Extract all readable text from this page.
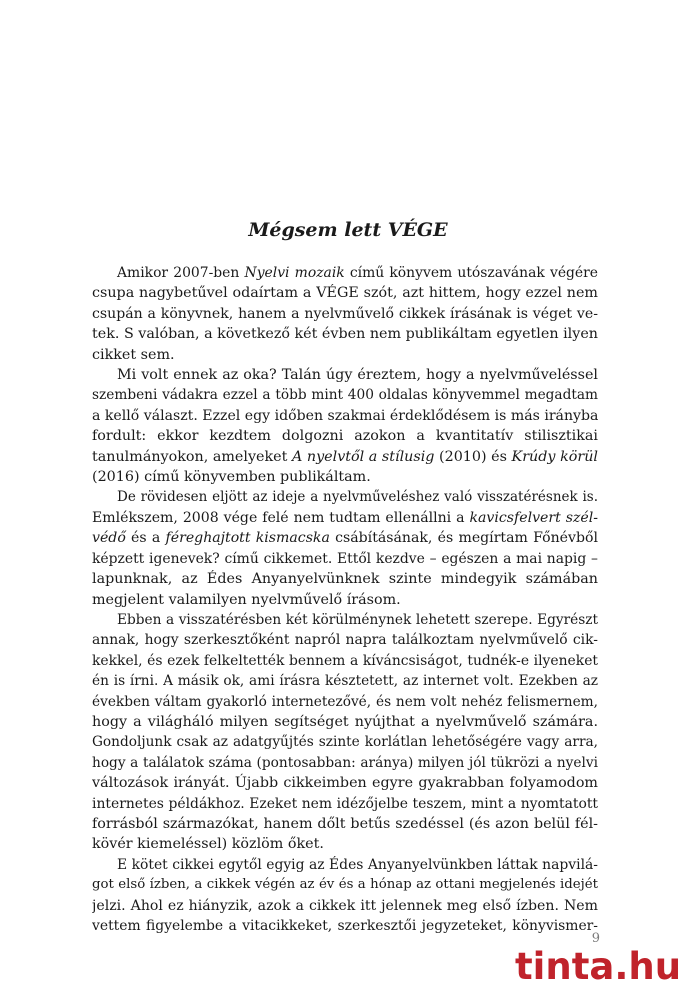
Mégsem lett VÉGE

Amikor 2007-ben Nyelvi mozaik című könyvem utószavának végére
csupa nagybetűvel odaírtam a VÉGE szót, azt hittem, hogy ezzel nem
csupán a könyvnek, hanem a nyelvművelő cikkek írásának is véget ve-
tek. S valóban, a következő két évben nem publikáltam egyetlen ilyen
cikket sem.

Mi volt ennek az oka? Talán úgy éreztem, hogy a nyelvműveléssel
szembeni vádakra ezzel a több mint 400 oldalas könyvemmel megadtam
a kellő választ. Ezzel egy időben szakmai érdeklődésem is más irányba
fordult: ekkor kezdtem dolgozni azokon a kvantitatív stilisztikai
tanulmányokon, amelyeket A nyelvtől a stílusig (2010) és Krúdy körül
(2016) című könyvemben publikáltam.

De rövidesen eljött az ideje a nyelvműveléshez való visszatérésnek is.
Emlékszem, 2008 vége felé nem tudtam ellenállni a kavicsfelvert szél-
védő és a féreghajtott kismacska csábításának, és megírtam Főnévből
képzett igenevek? című cikkemet. Ettől kezdve – egészen a mai napig –
lapunknak, az Édes Anyanyelvünknek szinte mindegyik számában
megjelent valamilyen nyelvművelő írásom.

Ebben a visszatérésben két körülménynek lehetett szerepe. Egyrészt
annak, hogy szerkesztőként napról napra találkoztam nyelvművelő cik-
kekkel, és ezek felkeltették bennem a kíváncsiságot, tudnék-e ilyeneket
én is írni. A másik ok, ami írásra késztetett, az internet volt. Ezekben az
években váltam gyakorló internetezővé, és nem volt nehéz felismernem,
hogy a világháló milyen segítséget nyújthat a nyelvművelő számára.
Gondoljunk csak az adatgyűjtés szinte korlátlan lehetőségére vagy arra,
hogy a találatok száma (pontosabban: aránya) milyen jól tükrözi a nyelvi
változások irányát. Újabb cikkeimben egyre gyakrabban folyamodom
internetes példákhoz. Ezeket nem idézőjelbe teszem, mint a nyomtatott
forrásból származókat, hanem dőlt betűs szedéssel (és azon belül fél-
kövér kiemeléssel) közlöm őket.

E kötet cikkei egytől egyig az Édes Anyanyelvünkben láttak napvilá-
got első ízben, a cikkek végén az év és a hónap az ottani megjelenés idejét
jelzi. Ahol ez hiányzik, azok a cikkek itt jelennek meg első ízben. Nem
vettem figyelembe a vitacikkeket, szerkesztői jegyzeteket, könyvismer-

9
tinta.hu
